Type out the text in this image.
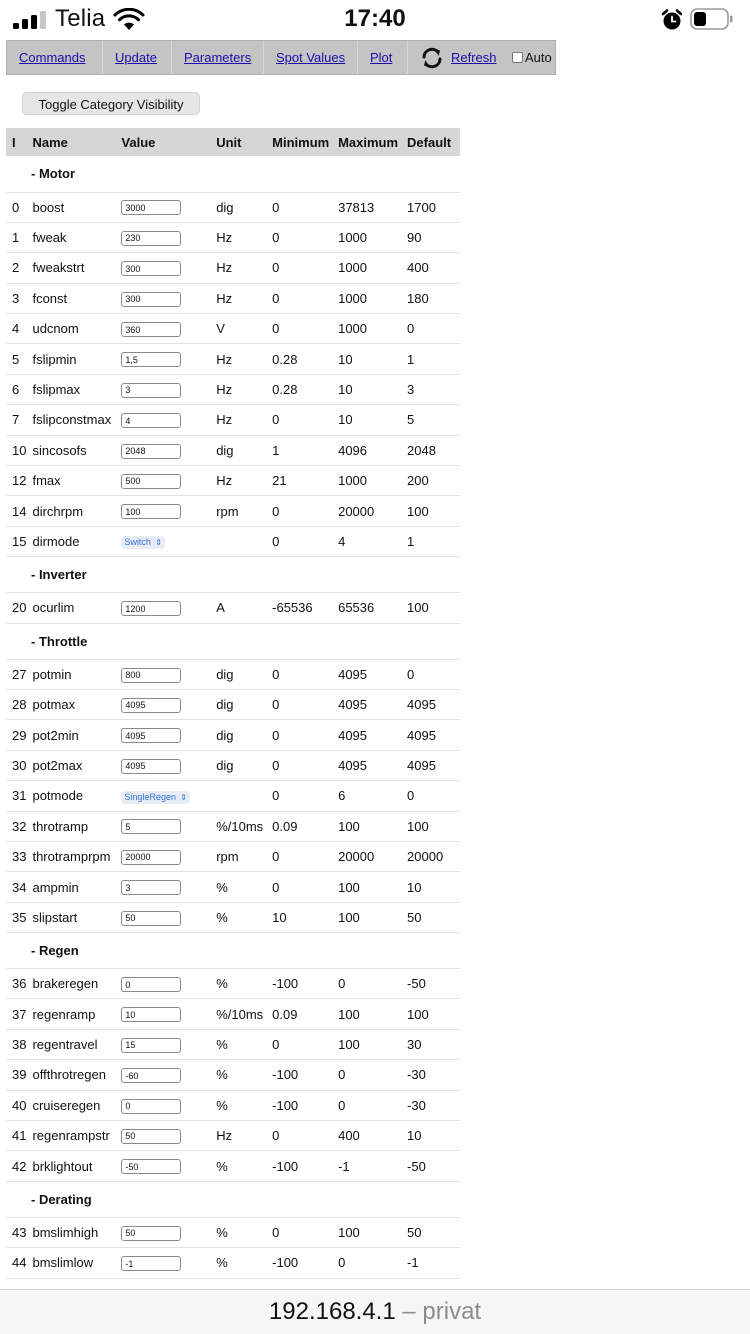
Telia	17:40
Commands	Update	Parameters	Spot Values	Plot	Refresh Auto
Toggle Category Visibility
I	Name	Value	Unit	Minimum	Maximum	Default
- Motor						
0	boost	3000	dig	0	37813	1700
1	fweak	230	Hz	0	1000	90
2	fweakstrt	300	Hz	0	1000	400
3	fconst	300	Hz	0	1000	180
4	udcnom	360	V	0	1000	0
5	fslipmin	1,5	Hz	0.28	10	1
6	fslipmax	3	Hz	0.28	10	3
7	fslipconstmax	4	Hz	0	10	5
10	sincosofs	2048	dig	1	4096	2048
12	fmax	500	Hz	21	1000	200
14	dirchrpm	100	rpm	0	20000	100
15	dirmode	Switch ⇕		0	4	1
- Inverter						
20	ocurlim	1200	A	-65536	65536	100
- Throttle						
27	potmin	800	dig	0	4095	0
28	potmax	4095	dig	0	4095	4095
29	pot2min	4095	dig	0	4095	4095
30	pot2max	4095	dig	0	4095	4095
31	potmode	SingleRegen ⇕		0	6	0
32	throtramp	5	%/10ms	0.09	100	100
33	throtramprpm	20000	rpm	0	20000	20000
34	ampmin	3	%	0	100	10
35	slipstart	50	%	10	100	50
- Regen						
36	brakeregen	0	%	-100	0	-50
37	regenramp	10	%/10ms	0.09	100	100
38	regentravel	15	%	0	100	30
39	offthrotregen	-60	%	-100	0	-30
40	cruiseregen	0	%	-100	0	-30
41	regenrampstr	50	Hz	0	400	10
42	brklightout	-50	%	-100	-1	-50
- Derating						
43	bmslimhigh	50	%	0	100	50
44	bmslimlow	-1	%	-100	0	-1
192.168.4.1 – privat
